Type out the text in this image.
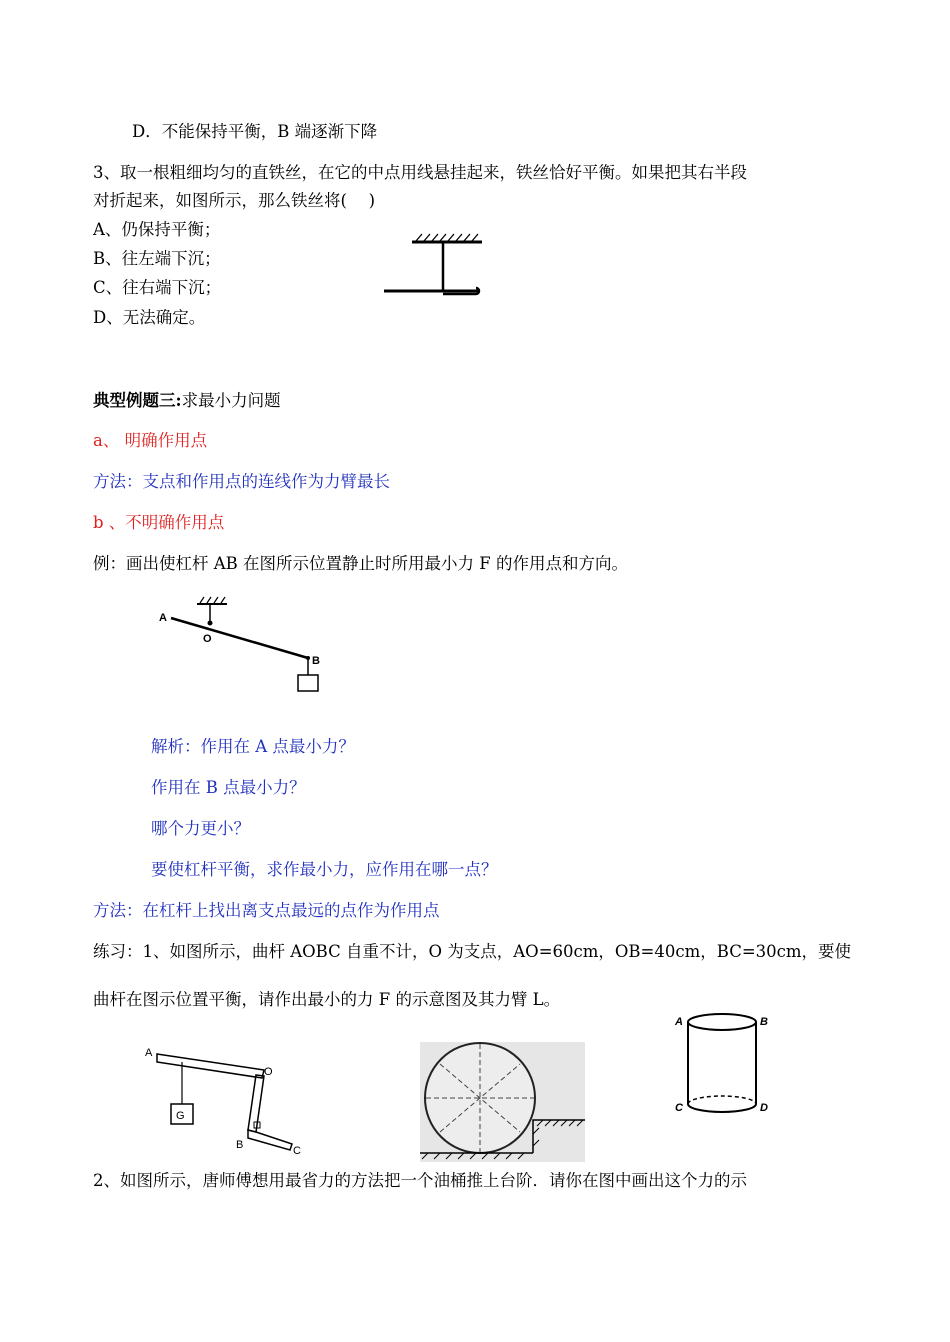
D．不能保持平衡，B 端逐渐下降
3、取一根粗细均匀的直铁丝，在它的中点用线悬挂起来，铁丝恰好平衡。如果把其右半段
对折起来，如图所示，那么铁丝将(　 )
A、仍保持平衡；
B、往左端下沉；
C、往右端下沉；
D、无法确定。
典型例题三:求最小力问题
a、 明确作用点
方法：支点和作用点的连线作为力臂最长
b 、不明确作用点
例：画出使杠杆 AB 在图所示位置静止时所用最小力 F 的作用点和方向。
A
O
B
解析：作用在 A 点最小力？
作用在 B 点最小力？
哪个力更小？
要使杠杆平衡，求作最小力，应作用在哪一点？
方法：在杠杆上找出离支点最远的点作为作用点
练习：1、如图所示，曲杆 AOBC 自重不计，O 为支点，AO=60cm，OB=40cm，BC=30cm，要使
曲杆在图示位置平衡，请作出最小的力 F 的示意图及其力臂 L。
G
A
O
B	C
A	B
C	D
2、如图所示，唐师傅想用最省力的方法把一个油桶推上台阶．请你在图中画出这个力的示
